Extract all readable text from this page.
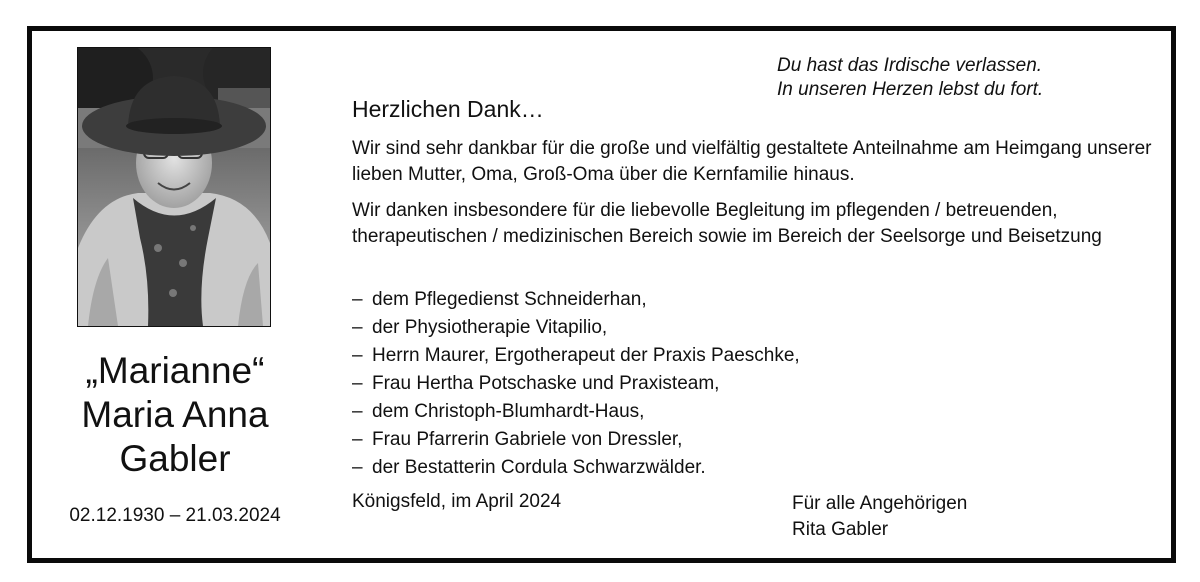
„Marianne“
Maria Anna
Gabler
02.12.1930 – 21.03.2024
Du hast das Irdische verlassen.
In unseren Herzen lebst du fort.
Herzlichen Dank…
Wir sind sehr dankbar für die große und vielfältig gestaltete Anteilnahme am Heimgang unserer lieben Mutter, Oma, Groß-Oma über die Kernfamilie hinaus.
Wir danken insbesondere für die liebevolle Begleitung im pflegenden / betreuenden, therapeutischen / medizinischen Bereich sowie im Bereich der Seelsorge und Beisetzung
– dem Pflegedienst Schneiderhan,
– der Physiotherapie Vitapilio,
– Herrn Maurer, Ergotherapeut der Praxis Paeschke,
– Frau Hertha Potschaske und Praxisteam,
– dem Christoph-Blumhardt-Haus,
– Frau Pfarrerin Gabriele von Dressler,
– der Bestatterin Cordula Schwarzwälder.
Königsfeld, im April 2024	Für alle Angehörigen
Rita Gabler
